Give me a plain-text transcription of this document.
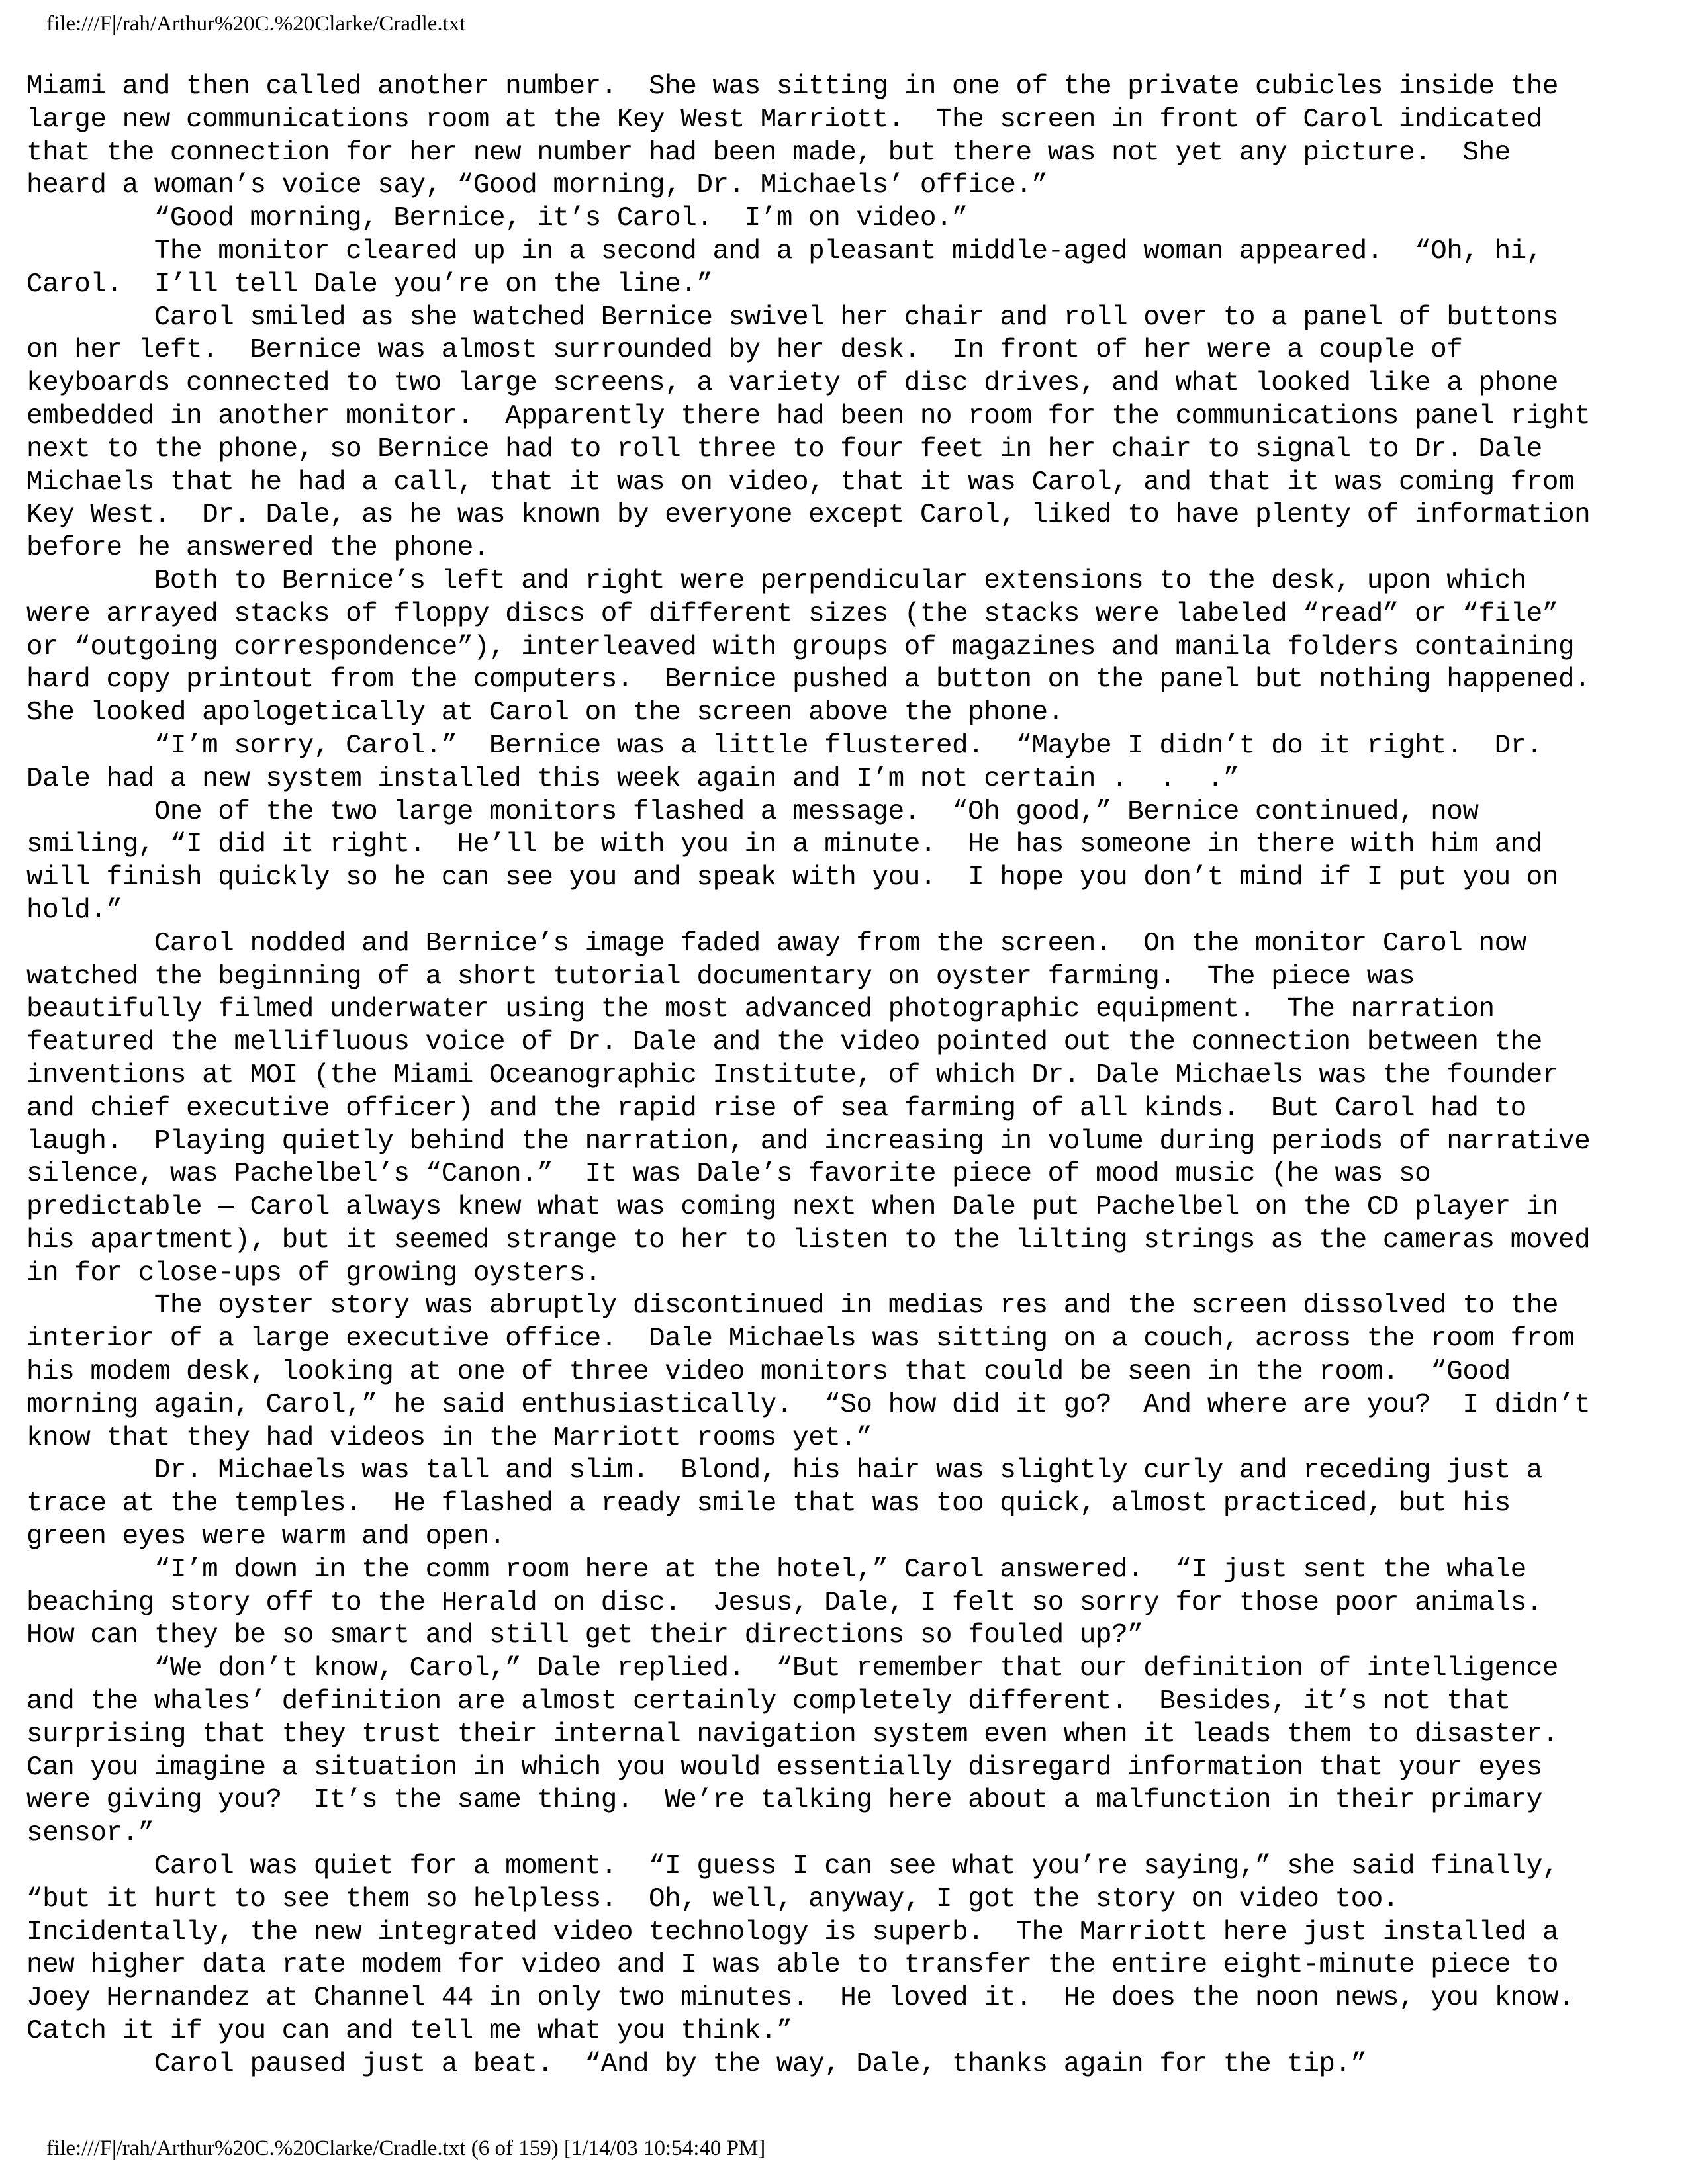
file:///F|/rah/Arthur%20C.%20Clarke/Cradle.txt
Miami and then called another number.  She was sitting in one of the private cubicles inside the
large new communications room at the Key West Marriott.  The screen in front of Carol indicated
that the connection for her new number had been made, but there was not yet any picture.  She
heard a woman’s voice say, “Good morning, Dr. Michaels’ office.”
“Good morning, Bernice, it’s Carol.  I’m on video.”
The monitor cleared up in a second and a pleasant middle-aged woman appeared.  “Oh, hi,
Carol.  I’ll tell Dale you’re on the line.”
Carol smiled as she watched Bernice swivel her chair and roll over to a panel of buttons
on her left.  Bernice was almost surrounded by her desk.  In front of her were a couple of
keyboards connected to two large screens, a variety of disc drives, and what looked like a phone
embedded in another monitor.  Apparently there had been no room for the communications panel right
next to the phone, so Bernice had to roll three to four feet in her chair to signal to Dr. Dale
Michaels that he had a call, that it was on video, that it was Carol, and that it was coming from
Key West.  Dr. Dale, as he was known by everyone except Carol, liked to have plenty of information
before he answered the phone.
Both to Bernice’s left and right were perpendicular extensions to the desk, upon which
were arrayed stacks of floppy discs of different sizes (the stacks were labeled “read” or “file”
or “outgoing correspondence”), interleaved with groups of magazines and manila folders containing
hard copy printout from the computers.  Bernice pushed a button on the panel but nothing happened.
She looked apologetically at Carol on the screen above the phone.
“I’m sorry, Carol.”  Bernice was a little flustered.  “Maybe I didn’t do it right.  Dr.
Dale had a new system installed this week again and I’m not certain .  .  .”
One of the two large monitors flashed a message.  “Oh good,” Bernice continued, now
smiling, “I did it right.  He’ll be with you in a minute.  He has someone in there with him and
will finish quickly so he can see you and speak with you.  I hope you don’t mind if I put you on
hold.”
Carol nodded and Bernice’s image faded away from the screen.  On the monitor Carol now
watched the beginning of a short tutorial documentary on oyster farming.  The piece was
beautifully filmed underwater using the most advanced photographic equipment.  The narration
featured the mellifluous voice of Dr. Dale and the video pointed out the connection between the
inventions at MOI (the Miami Oceanographic Institute, of which Dr. Dale Michaels was the founder
and chief executive officer) and the rapid rise of sea farming of all kinds.  But Carol had to
laugh.  Playing quietly behind the narration, and increasing in volume during periods of narrative
silence, was Pachelbel’s “Canon.”  It was Dale’s favorite piece of mood music (he was so
predictable — Carol always knew what was coming next when Dale put Pachelbel on the CD player in
his apartment), but it seemed strange to her to listen to the lilting strings as the cameras moved
in for close-ups of growing oysters.
The oyster story was abruptly discontinued in medias res and the screen dissolved to the
interior of a large executive office.  Dale Michaels was sitting on a couch, across the room from
his modem desk, looking at one of three video monitors that could be seen in the room.  “Good
morning again, Carol,” he said enthusiastically.  “So how did it go?  And where are you?  I didn’t
know that they had videos in the Marriott rooms yet.”
Dr. Michaels was tall and slim.  Blond, his hair was slightly curly and receding just a
trace at the temples.  He flashed a ready smile that was too quick, almost practiced, but his
green eyes were warm and open.
“I’m down in the comm room here at the hotel,” Carol answered.  “I just sent the whale
beaching story off to the Herald on disc.  Jesus, Dale, I felt so sorry for those poor animals.
How can they be so smart and still get their directions so fouled up?”
“We don’t know, Carol,” Dale replied.  “But remember that our definition of intelligence
and the whales’ definition are almost certainly completely different.  Besides, it’s not that
surprising that they trust their internal navigation system even when it leads them to disaster.
Can you imagine a situation in which you would essentially disregard information that your eyes
were giving you?  It’s the same thing.  We’re talking here about a malfunction in their primary
sensor.”
Carol was quiet for a moment.  “I guess I can see what you’re saying,” she said finally,
“but it hurt to see them so helpless.  Oh, well, anyway, I got the story on video too.
Incidentally, the new integrated video technology is superb.  The Marriott here just installed a
new higher data rate modem for video and I was able to transfer the entire eight-minute piece to
Joey Hernandez at Channel 44 in only two minutes.  He loved it.  He does the noon news, you know.
Catch it if you can and tell me what you think.”
Carol paused just a beat.  “And by the way, Dale, thanks again for the tip.”
file:///F|/rah/Arthur%20C.%20Clarke/Cradle.txt (6 of 159) [1/14/03 10:54:40 PM]
